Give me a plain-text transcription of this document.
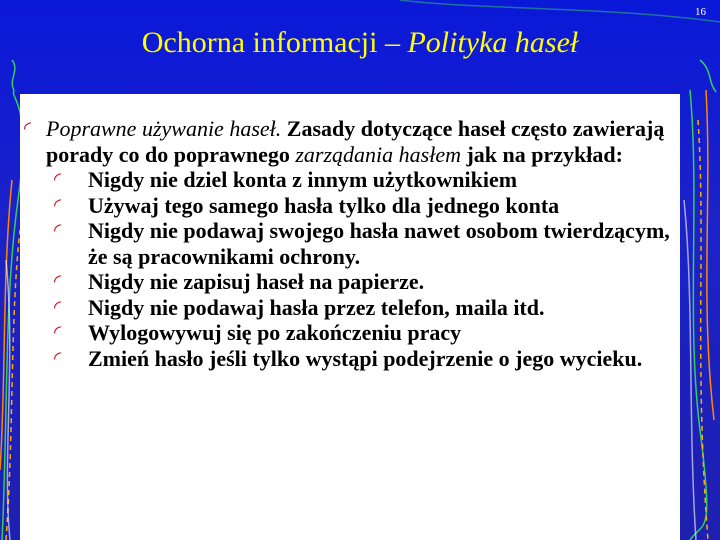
16
Ochorna informacji – Polityka haseł
◜ Poprawne używanie haseł. Zasady dotyczące haseł często zawierają porady co do poprawnego zarządania hasłem jak na przykład:
◜	Nigdy nie dziel konta z innym użytkownikiem
◜	Używaj tego samego hasła tylko dla jednego konta
◜	Nigdy nie podawaj swojego hasła nawet osobom twierdzącym, że są pracownikami ochrony.
◜	Nigdy nie zapisuj haseł na papierze.
◜	Nigdy nie podawaj hasła przez telefon, maila itd.
◜	Wylogowywuj się po zakończeniu pracy
◜	Zmień hasło jeśli tylko wystąpi podejrzenie o jego wycieku.
